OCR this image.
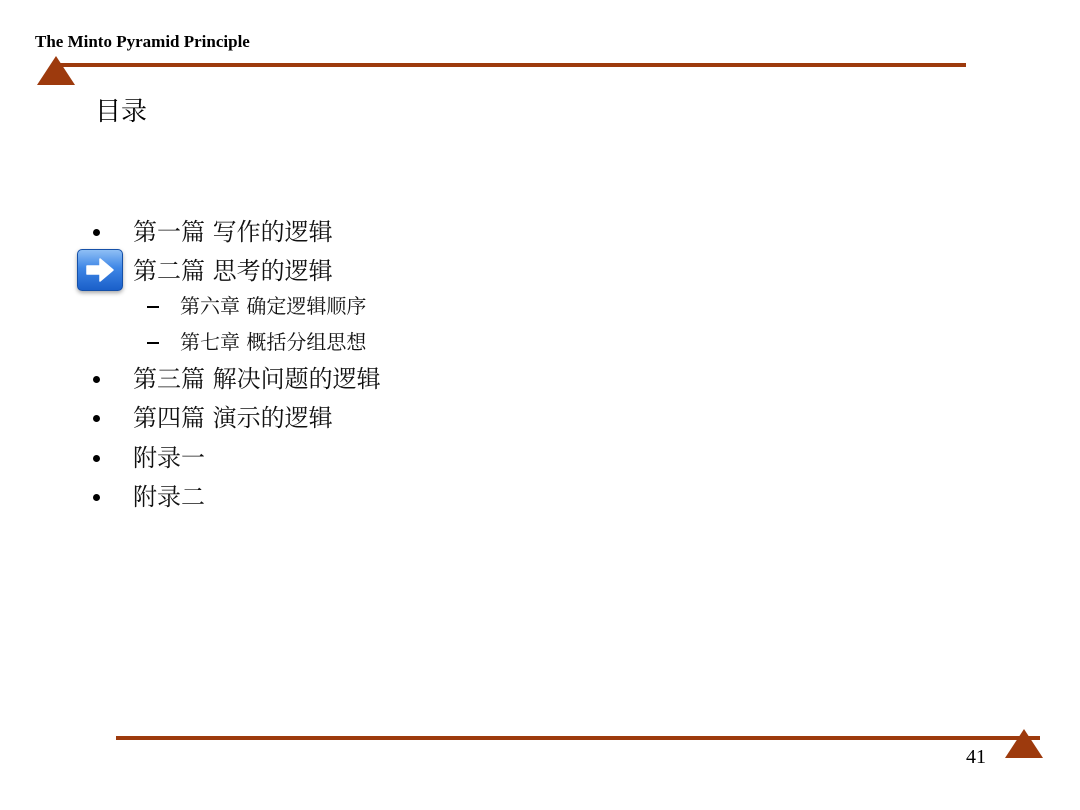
The Minto Pyramid Principle
目录
第一篇 写作的逻辑
第二篇 思考的逻辑
第六章 确定逻辑顺序
第七章 概括分组思想
第三篇 解决问题的逻辑
第四篇 演示的逻辑
附录一
附录二
41
